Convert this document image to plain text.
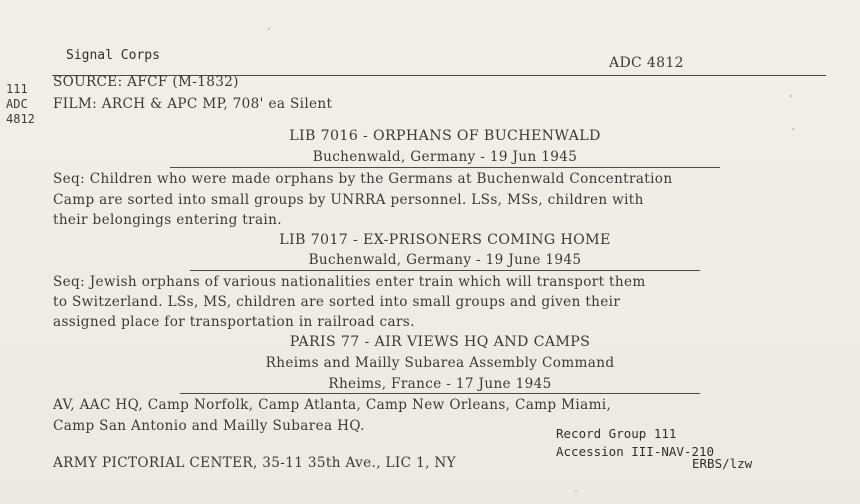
Signal Corps	ADC 4812
111
ADC
4812
SOURCE: AFCF (M-1832)
FILM: ARCH & APC MP, 708' ea Silent
LIB 7016 - ORPHANS OF BUCHENWALD
Buchenwald, Germany - 19 Jun 1945
Seq: Children who were made orphans by the Germans at Buchenwald Concentration
Camp are sorted into small groups by UNRRA personnel. LSs, MSs, children with
their belongings entering train.
LIB 7017 - EX-PRISONERS COMING HOME
Buchenwald, Germany - 19 June 1945
Seq: Jewish orphans of various nationalities enter train which will transport them
to Switzerland. LSs, MS, children are sorted into small groups and given their
assigned place for transportation in railroad cars.
PARIS 77 - AIR VIEWS HQ AND CAMPS
Rheims and Mailly Subarea Assembly Command
Rheims, France - 17 June 1945
AV, AAC HQ, Camp Norfolk, Camp Atlanta, Camp New Orleans, Camp Miami,
Camp San Antonio and Mailly Subarea HQ.	Record Group 111
Accession III-NAV-210
ARMY PICTORIAL CENTER, 35-11 35th Ave., LIC 1, NY	ERBS/lzw
